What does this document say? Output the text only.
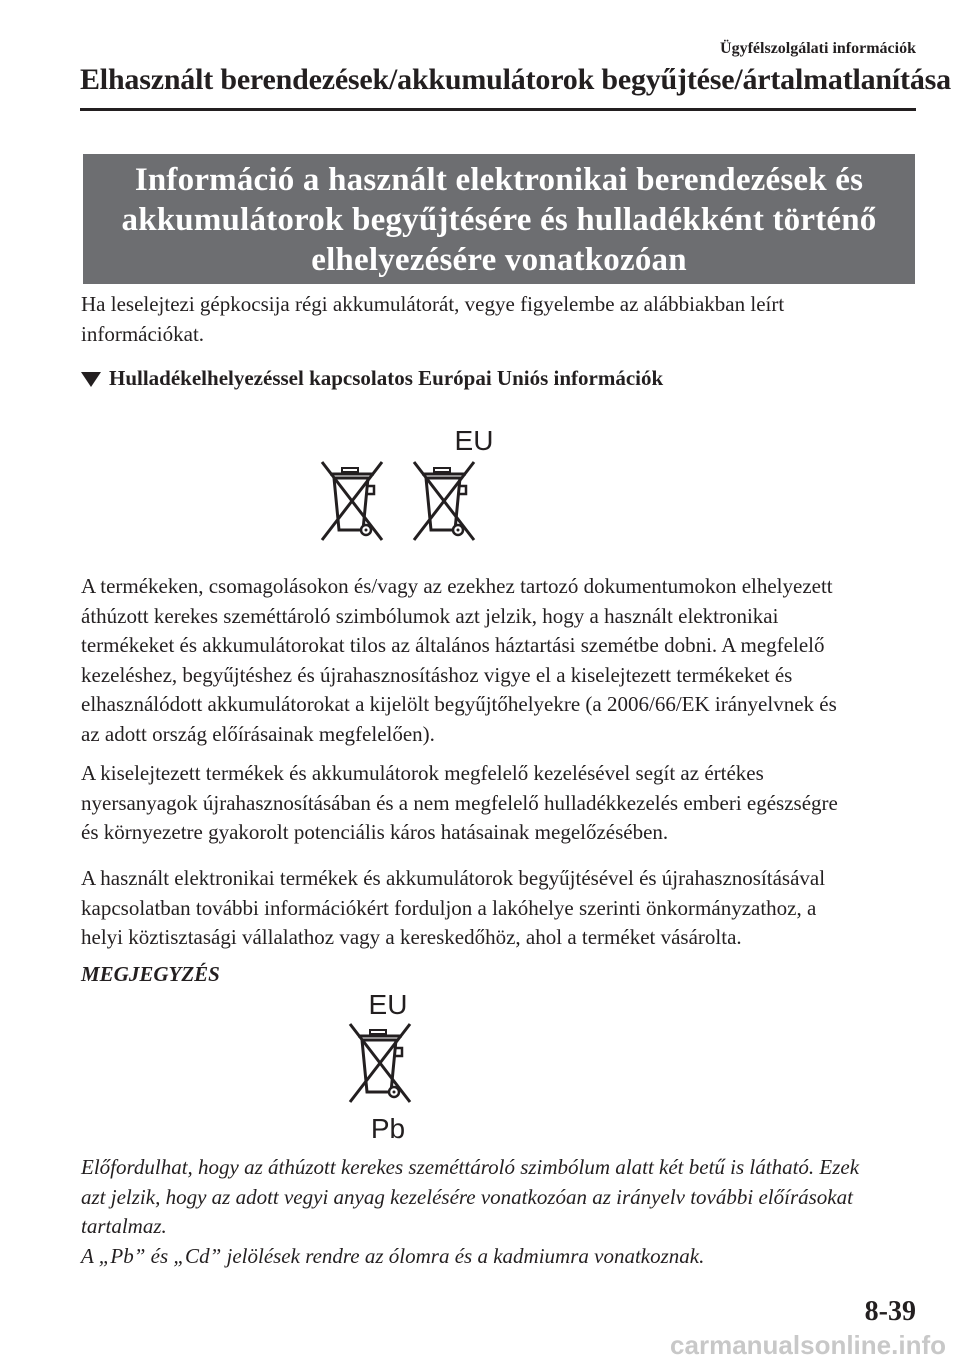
Ügyfélszolgálati információk
Elhasznált berendezések/akkumulátorok begyűjtése/ártalmatlanítása
Információ a használt elektronikai berendezések és
akkumulátorok begyűjtésére és hulladékként történő
elhelyezésére vonatkozóan
Ha leselejtezi gépkocsija régi akkumulátorát, vegye figyelembe az alábbiakban leírt
információkat.
Hulladékelhelyezéssel kapcsolatos Európai Uniós információk
EU
A termékeken, csomagolásokon és/vagy az ezekhez tartozó dokumentumokon elhelyezett
áthúzott kerekes szeméttároló szimbólumok azt jelzik, hogy a használt elektronikai
termékeket és akkumulátorokat tilos az általános háztartási szemétbe dobni. A megfelelő
kezeléshez, begyűjtéshez és újrahasznosításhoz vigye el a kiselejtezett termékeket és
elhasználódott akkumulátorokat a kijelölt begyűjtőhelyekre (a 2006/66/EK irányelvnek és
az adott ország előírásainak megfelelően).
A kiselejtezett termékek és akkumulátorok megfelelő kezelésével segít az értékes
nyersanyagok újrahasznosításában és a nem megfelelő hulladékkezelés emberi egészségre
és környezetre gyakorolt potenciális káros hatásainak megelőzésében.
A használt elektronikai termékek és akkumulátorok begyűjtésével és újrahasznosításával
kapcsolatban további információkért forduljon a lakóhelye szerinti önkormányzathoz, a
helyi köztisztasági vállalathoz vagy a kereskedőhöz, ahol a terméket vásárolta.
MEGJEGYZÉS
EU
Pb
Előfordulhat, hogy az áthúzott kerekes szeméttároló szimbólum alatt két betű is látható. Ezek
azt jelzik, hogy az adott vegyi anyag kezelésére vonatkozóan az irányelv további előírásokat
tartalmaz.
A „Pb” és „Cd” jelölések rendre az ólomra és a kadmiumra vonatkoznak.
8-39
carmanualsonline.info
